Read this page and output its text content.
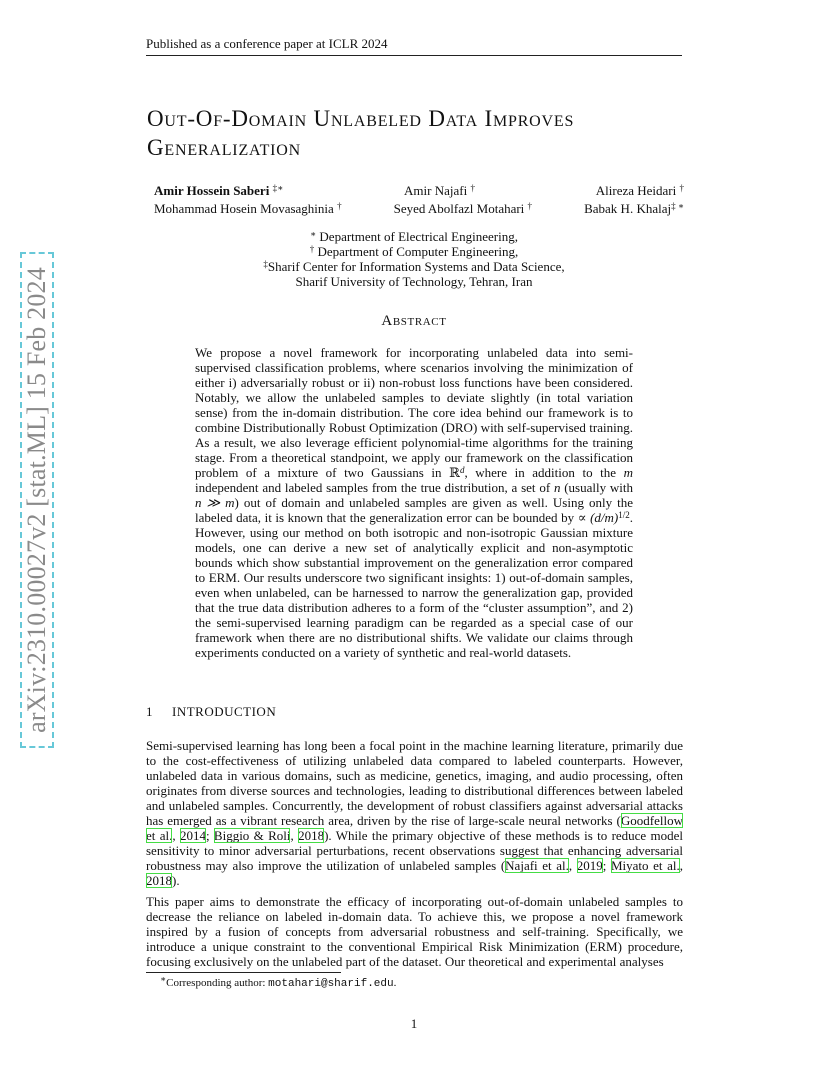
Published as a conference paper at ICLR 2024
arXiv:2310.00027v2 [stat.ML] 15 Feb 2024
Out-Of-Domain Unlabeled Data Improves
Generalization
Amir Hossein Saberi ‡∗	Amir Najafi †	Alireza Heidari †
Mohammad Hosein Movasaghinia †	Seyed Abolfazl Motahari †	Babak H. Khalaj‡ ∗
∗ Department of Electrical Engineering,
† Department of Computer Engineering,
‡Sharif Center for Information Systems and Data Science,
Sharif University of Technology, Tehran, Iran
Abstract

We propose a novel framework for incorporating unlabeled data into semi-supervised classification problems, where scenarios involving the minimization of either i) adversarially robust or ii) non-robust loss functions have been considered. Notably, we allow the unlabeled samples to deviate slightly (in total variation sense) from the in-domain distribution. The core idea behind our framework is to combine Distributionally Robust Optimization (DRO) with self-supervised training. As a result, we also leverage efficient polynomial-time algorithms for the training stage. From a theoretical standpoint, we apply our framework on the classification problem of a mixture of two Gaussians in ℝ$^d$, where in addition to the m independent and labeled samples from the true distribution, a set of n (usually with n ≫ m) out of domain and unlabeled samples are given as well. Using only the labeled data, it is known that the generalization error can be bounded by ∝ $(d/m)^{1/2}$. However, using our method on both isotropic and non-isotropic Gaussian mixture models, one can derive a new set of analytically explicit and non-asymptotic bounds which show substantial improvement on the generalization error compared to ERM. Our results underscore two significant insights: 1) out-of-domain samples, even when unlabeled, can be harnessed to narrow the generalization gap, provided that the true data distribution adheres to a form of the “cluster assumption”, and 2) the semi-supervised learning paradigm can be regarded as a special case of our framework when there are no distributional shifts. We validate our claims through experiments conducted on a variety of synthetic and real-world datasets.

1 INTRODUCTION

Semi-supervised learning has long been a focal point in the machine learning literature, primarily due to the cost-effectiveness of utilizing unlabeled data compared to labeled counterparts. However, unlabeled data in various domains, such as medicine, genetics, imaging, and audio processing, often originates from diverse sources and technologies, leading to distributional differences between labeled and unlabeled samples. Concurrently, the development of robust classifiers against adversarial attacks has emerged as a vibrant research area, driven by the rise of large-scale neural networks (Goodfellow et al., 2014; Biggio & Roli, 2018). While the primary objective of these methods is to reduce model sensitivity to minor adversarial perturbations, recent observations suggest that enhancing adversarial robustness may also improve the utilization of unlabeled samples (Najafi et al., 2019; Miyato et al., 2018).

This paper aims to demonstrate the efficacy of incorporating out-of-domain unlabeled samples to decrease the reliance on labeled in-domain data. To achieve this, we propose a novel framework inspired by a fusion of concepts from adversarial robustness and self-training. Specifically, we introduce a unique constraint to the conventional Empirical Risk Minimization (ERM) procedure, focusing exclusively on the unlabeled part of the dataset. Our theoretical and experimental analyses

∗Corresponding author: motahari@sharif.edu.
1
